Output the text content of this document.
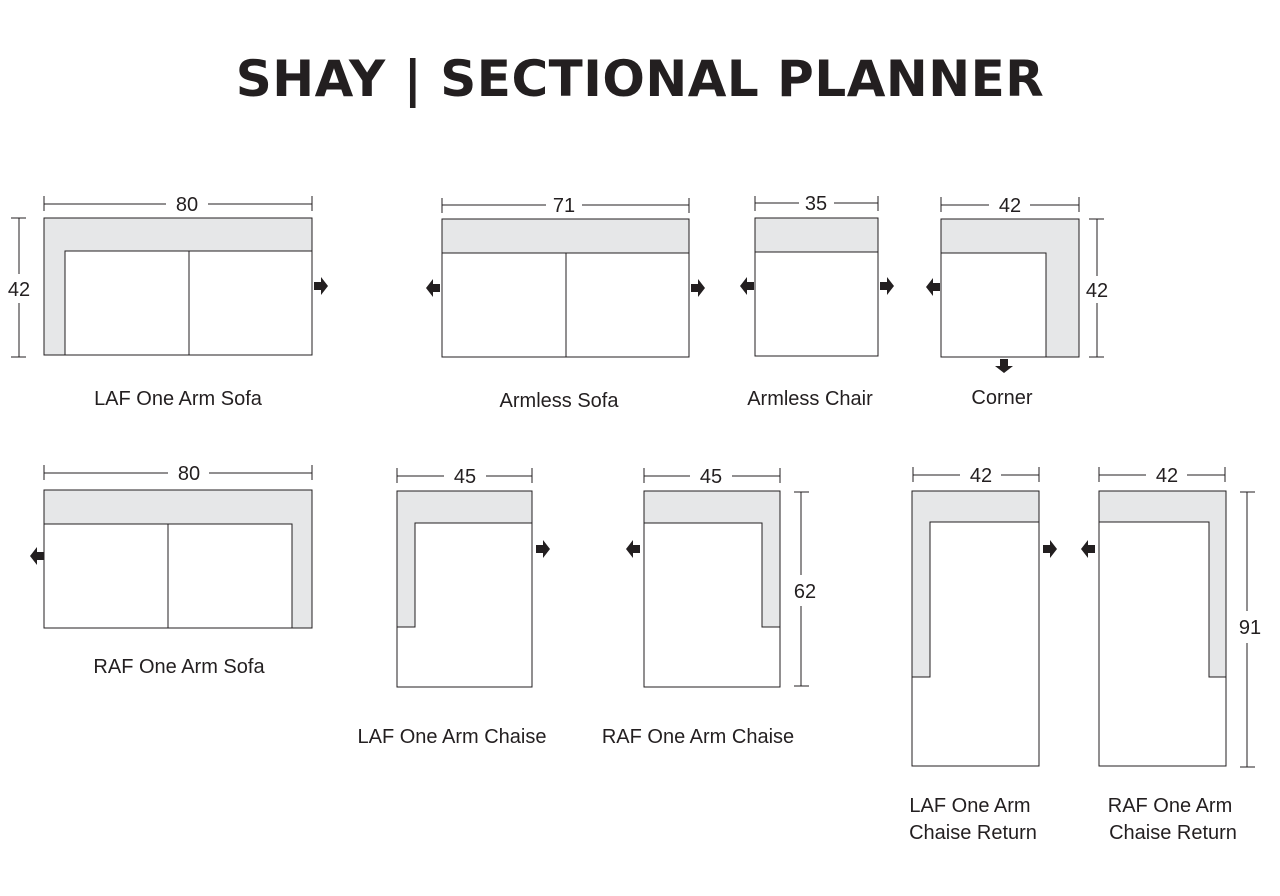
SHAY | SECTIONAL PLANNER
80
42
LAF One Arm Sofa
71
Armless Sofa
35
Armless Chair
42
42
Corner
80
RAF One Arm Sofa
45
LAF One Arm Chaise
45
62
RAF One Arm Chaise
42
LAF One Arm
Chaise Return
42
91
RAF One Arm
Chaise Return
